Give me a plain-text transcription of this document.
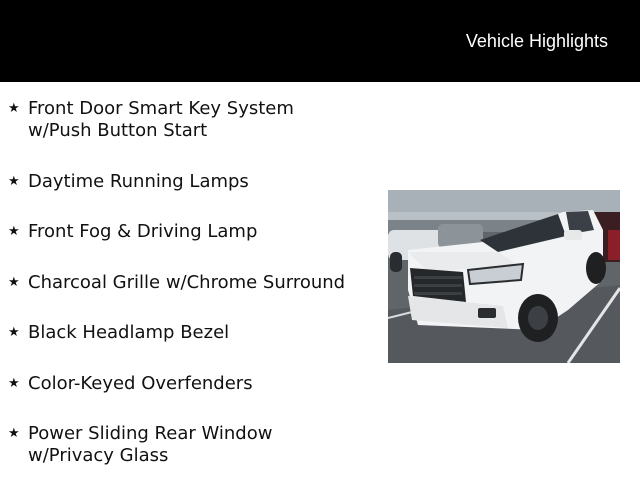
Vehicle Highlights
★ Front Door Smart Key System
w/Push Button Start
★ Daytime Running Lamps
★ Front Fog & Driving Lamp
★ Charcoal Grille w/Chrome Surround
★ Black Headlamp Bezel
★ Color-Keyed Overfenders
★ Power Sliding Rear Window
w/Privacy Glass
